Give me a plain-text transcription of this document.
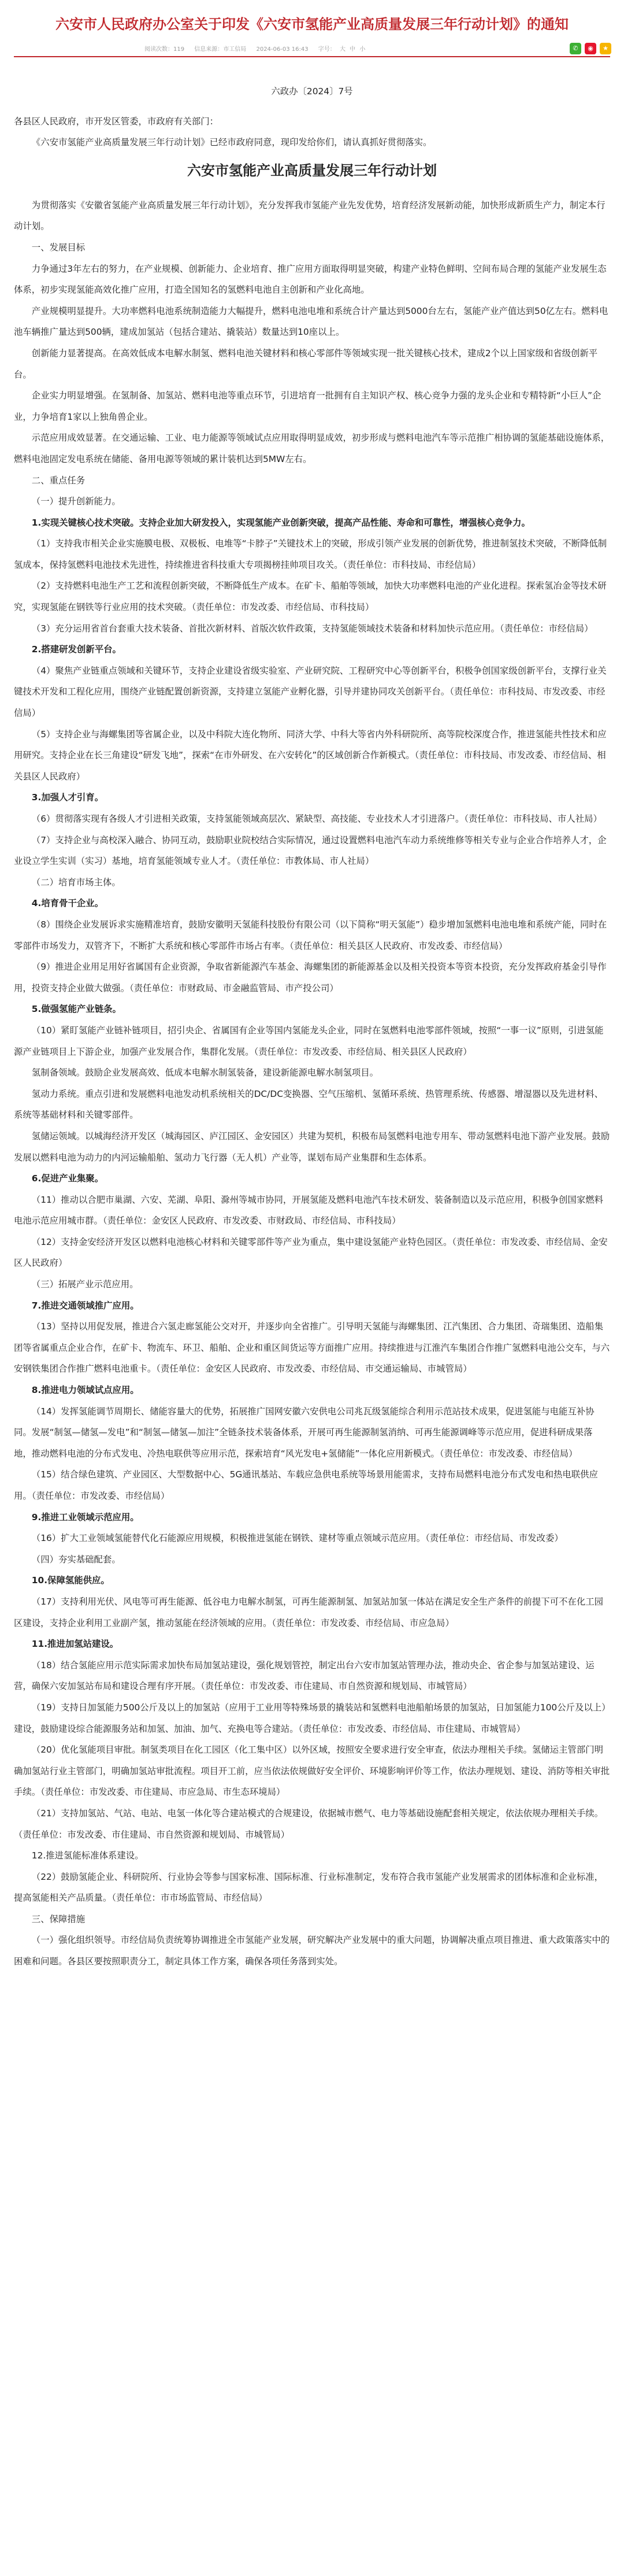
六安市人民政府办公室关于印发《六安市氢能产业高质量发展三年行动计划》的通知
阅读次数：119 信息来源：市工信局 2024-06-03 16:43 字号： 大 中 小	✆	◉	★

六政办〔2024〕7号

各县区人民政府，市开发区管委，市政府有关部门：

《六安市氢能产业高质量发展三年行动计划》已经市政府同意，现印发给你们，请认真抓好贯彻落实。

六安市氢能产业高质量发展三年行动计划

为贯彻落实《安徽省氢能产业高质量发展三年行动计划》，充分发挥我市氢能产业先发优势，培育经济发展新动能，加快形成新质生产力，制定本行动计划。

一、发展目标

力争通过3年左右的努力，在产业规模、创新能力、企业培育、推广应用方面取得明显突破，构建产业特色鲜明、空间布局合理的氢能产业发展生态体系，初步实现氢能高效化推广应用，打造全国知名的氢燃料电池自主创新和产业化高地。

产业规模明显提升。大功率燃料电池系统制造能力大幅提升，燃料电池电堆和系统合计产量达到5000台左右，氢能产业产值达到50亿左右。燃料电池车辆推广量达到500辆，建成加氢站（包括合建站、撬装站）数量达到10座以上。

创新能力显著提高。在高效低成本电解水制氢、燃料电池关键材料和核心零部件等领域实现一批关键核心技术，建成2个以上国家级和省级创新平台。

企业实力明显增强。在氢制备、加氢站、燃料电池等重点环节，引进培育一批拥有自主知识产权、核心竞争力强的龙头企业和专精特新“小巨人”企业，力争培育1家以上独角兽企业。

示范应用成效显著。在交通运输、工业、电力能源等领域试点应用取得明显成效，初步形成与燃料电池汽车等示范推广相协调的氢能基础设施体系，燃料电池固定发电系统在储能、备用电源等领域的累计装机达到5MW左右。

二、重点任务

（一）提升创新能力。

1.实现关键核心技术突破。支持企业加大研发投入，实现氢能产业创新突破，提高产品性能、寿命和可靠性，增强核心竞争力。

（1）支持我市相关企业实施膜电极、双极板、电堆等“卡脖子”关键技术上的突破，形成引领产业发展的创新优势，推进制氢技术突破，不断降低制氢成本，保持氢燃料电池技术先进性，持续推进省科技重大专项揭榜挂帅项目攻关。（责任单位：市科技局、市经信局）

（2）支持燃料电池生产工艺和流程创新突破，不断降低生产成本。在矿卡、船舶等领域，加快大功率燃料电池的产业化进程。探索氢冶金等技术研究，实现氢能在钢铁等行业应用的技术突破。（责任单位：市发改委、市经信局、市科技局）

（3）充分运用省首台套重大技术装备、首批次新材料、首版次软件政策，支持氢能领域技术装备和材料加快示范应用。（责任单位：市经信局）

2.搭建研发创新平台。

（4）聚焦产业链重点领域和关键环节，支持企业建设省级实验室、产业研究院、工程研究中心等创新平台，积极争创国家级创新平台，支撑行业关键技术开发和工程化应用，围绕产业链配置创新资源，支持建立氢能产业孵化器，引导并建协同攻关创新平台。（责任单位：市科技局、市发改委、市经信局）

（5）支持企业与海螺集团等省属企业，以及中科院大连化物所、同济大学、中科大等省内外科研院所、高等院校深度合作，推进氢能共性技术和应用研究。支持企业在长三角建设“研发飞地”，探索“在市外研发、在六安转化”的区域创新合作新模式。（责任单位：市科技局、市发改委、市经信局、相关县区人民政府）

3.加强人才引育。

（6）贯彻落实现有各级人才引进相关政策，支持氢能领域高层次、紧缺型、高技能、专业技术人才引进落户。（责任单位：市科技局、市人社局）

（7）支持企业与高校深入融合、协同互动，鼓励职业院校结合实际情况，通过设置燃料电池汽车动力系统维修等相关专业与企业合作培养人才，企业设立学生实训（实习）基地，培育氢能领域专业人才。（责任单位：市教体局、市人社局）

（二）培育市场主体。

4.培育骨干企业。

（8）围绕企业发展诉求实施精准培育，鼓励安徽明天氢能科技股份有限公司（以下简称“明天氢能”）稳步增加氢燃料电池电堆和系统产能，同时在零部件市场发力，双管齐下，不断扩大系统和核心零部件市场占有率。（责任单位：相关县区人民政府、市发改委、市经信局）

（9）推进企业用足用好省属国有企业资源，争取省新能源汽车基金、海螺集团的新能源基金以及相关投资本等资本投资，充分发挥政府基金引导作用，投资支持企业做大做强。（责任单位：市财政局、市金融监管局、市产投公司）

5.做强氢能产业链条。

（10）紧盯氢能产业链补链项目，招引央企、省属国有企业等国内氢能龙头企业，同时在氢燃料电池零部件领域，按照“一事一议”原则，引进氢能源产业链项目上下游企业，加强产业发展合作，集群化发展。（责任单位：市发改委、市经信局、相关县区人民政府）

氢制备领域。鼓励企业发展高效、低成本电解水制氢装备，建设新能源电解水制氢项目。

氢动力系统。重点引进和发展燃料电池发动机系统相关的DC/DC变换器、空气压缩机、氢循环系统、热管理系统、传感器、增湿器以及先进材料、系统等基础材料和关键零部件。

氢储运领域。以城海经济开发区（城海园区、庐江园区、金安园区）共建为契机，积极布局氢燃料电池专用车、带动氢燃料电池下游产业发展。鼓励发展以燃料电池为动力的内河运输船舶、氢动力飞行器（无人机）产业等，谋划布局产业集群和生态体系。

6.促进产业集聚。

（11）推动以合肥市巢湖、六安、芜湖、阜阳、滁州等城市协同，开展氢能及燃料电池汽车技术研发、装备制造以及示范应用，积极争创国家燃料电池示范应用城市群。（责任单位：金安区人民政府、市发改委、市财政局、市经信局、市科技局）

（12）支持金安经济开发区以燃料电池核心材料和关键零部件等产业为重点，集中建设氢能产业特色园区。（责任单位：市发改委、市经信局、金安区人民政府）

（三）拓展产业示范应用。

7.推进交通领域推广应用。

（13）坚持以用促发展，推进合六氢走廊氢能公交对开，并逐步向全省推广。引导明天氢能与海螺集团、江汽集团、合力集团、奇瑞集团、造船集团等省属重点企业合作，在矿卡、物流车、环卫、船舶、企业和重区间货运等方面推广应用。持续推进与江淮汽车集团合作推广氢燃料电池公交车，与六安钢铁集团合作推广燃料电池重卡。（责任单位：金安区人民政府、市发改委、市经信局、市交通运输局、市城管局）

8.推进电力领域试点应用。

（14）发挥氢能调节周期长、储能容量大的优势，拓展推广国网安徽六安供电公司兆瓦级氢能综合利用示范站技术成果，促进氢能与电能互补协同。发展“制氢—储氢—发电”和“制氢—储氢—加注”全链条技术装备体系，开展可再生能源制氢消纳、可再生能源调峰等示范应用，促进科研成果落地，推动燃料电池的分布式发电、冷热电联供等应用示范，探索培育“风光发电+氢储能”一体化应用新模式。（责任单位：市发改委、市经信局）

（15）结合绿色建筑、产业园区、大型数据中心、5G通讯基站、车载应急供电系统等场景用能需求，支持布局燃料电池分布式发电和热电联供应用。（责任单位：市发改委、市经信局）

9.推进工业领域示范应用。

（16）扩大工业领域氢能替代化石能源应用规模，积极推进氢能在钢铁、建材等重点领域示范应用。（责任单位：市经信局、市发改委）

（四）夯实基础配套。

10.保障氢能供应。

（17）支持利用光伏、风电等可再生能源、低谷电力电解水制氢，可再生能源制氢、加氢站加氢一体站在满足安全生产条件的前提下可不在化工园区建设，支持企业利用工业副产氢，推动氢能在经济领域的应用。（责任单位：市发改委、市经信局、市应急局）

11.推进加氢站建设。

（18）结合氢能应用示范实际需求加快布局加氢站建设，强化规划管控，制定出台六安市加氢站管理办法，推动央企、省企参与加氢站建设、运营，确保六安加氢站布局和建设合理有序开展。（责任单位：市发改委、市住建局、市自然资源和规划局、市城管局）

（19）支持日加氢能力500公斤及以上的加氢站（应用于工业用等特殊场景的撬装站和氢燃料电池船舶场景的加氢站，日加氢能力100公斤及以上）建设，鼓励建设综合能源服务站和加氢、加油、加气、充换电等合建站。（责任单位：市发改委、市经信局、市住建局、市城管局）

（20）优化氢能项目审批。制氢类项目在化工园区（化工集中区）以外区域，按照安全要求进行安全审查，依法办理相关手续。氢储运主管部门明确加氢站行业主管部门，明确加氢站审批流程。项目开工前，应当依法依规做好安全评价、环境影响评价等工作，依法办理规划、建设、消防等相关审批手续。（责任单位：市发改委、市住建局、市应急局、市生态环境局）

（21）支持加氢站、气站、电站、电氢一体化等合建站模式的合规建设，依据城市燃气、电力等基础设施配套相关规定，依法依规办理相关手续。（责任单位：市发改委、市住建局、市自然资源和规划局、市城管局）

12.推进氢能标准体系建设。

（22）鼓励氢能企业、科研院所、行业协会等参与国家标准、国际标准、行业标准制定，发布符合我市氢能产业发展需求的团体标准和企业标准，提高氢能相关产品质量。（责任单位：市市场监管局、市经信局）

三、保障措施

（一）强化组织领导。市经信局负责统筹协调推进全市氢能产业发展，研究解决产业发展中的重大问题，协调解决重点项目推进、重大政策落实中的困难和问题。各县区要按照职责分工，制定具体工作方案，确保各项任务落到实处。
